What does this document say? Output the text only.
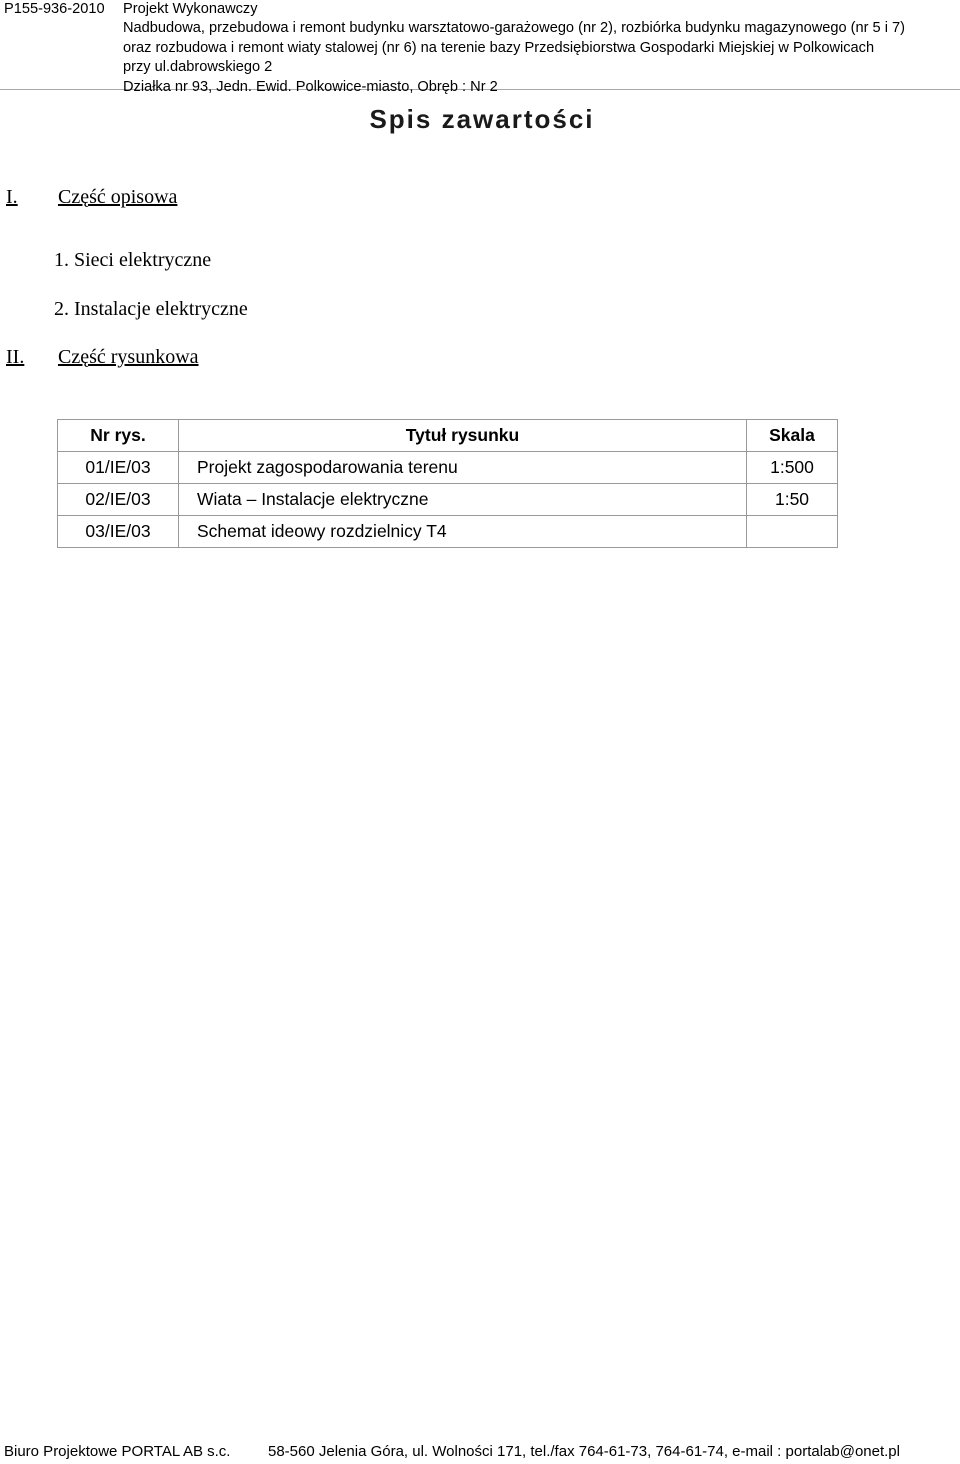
P155-936-2010 Projekt Wykonawczy
Nadbudowa, przebudowa i remont budynku warsztatowo-garażowego (nr 2), rozbiórka budynku magazynowego (nr 5 i 7)
oraz rozbudowa i remont wiaty stalowej (nr 6) na terenie bazy Przedsiębiorstwa Gospodarki Miejskiej w Polkowicach
przy ul.dabrowskiego 2
Działka nr 93, Jedn. Ewid. Polkowice-miasto, Obręb : Nr 2
Spis zawartości
I. Część opisowa
1. Sieci elektryczne
2. Instalacje elektryczne
II. Część rysunkowa
Nr rys.	Tytuł rysunku	Skala
01/IE/03	Projekt zagospodarowania terenu	1:500
02/IE/03	Wiata – Instalacje elektryczne	1:50
03/IE/03	Schemat ideowy rozdzielnicy T4	
Biuro Projektowe PORTAL AB s.c.	58-560 Jelenia Góra, ul. Wolności 171, tel./fax 764-61-73, 764-61-74, e-mail : portalab@onet.pl
